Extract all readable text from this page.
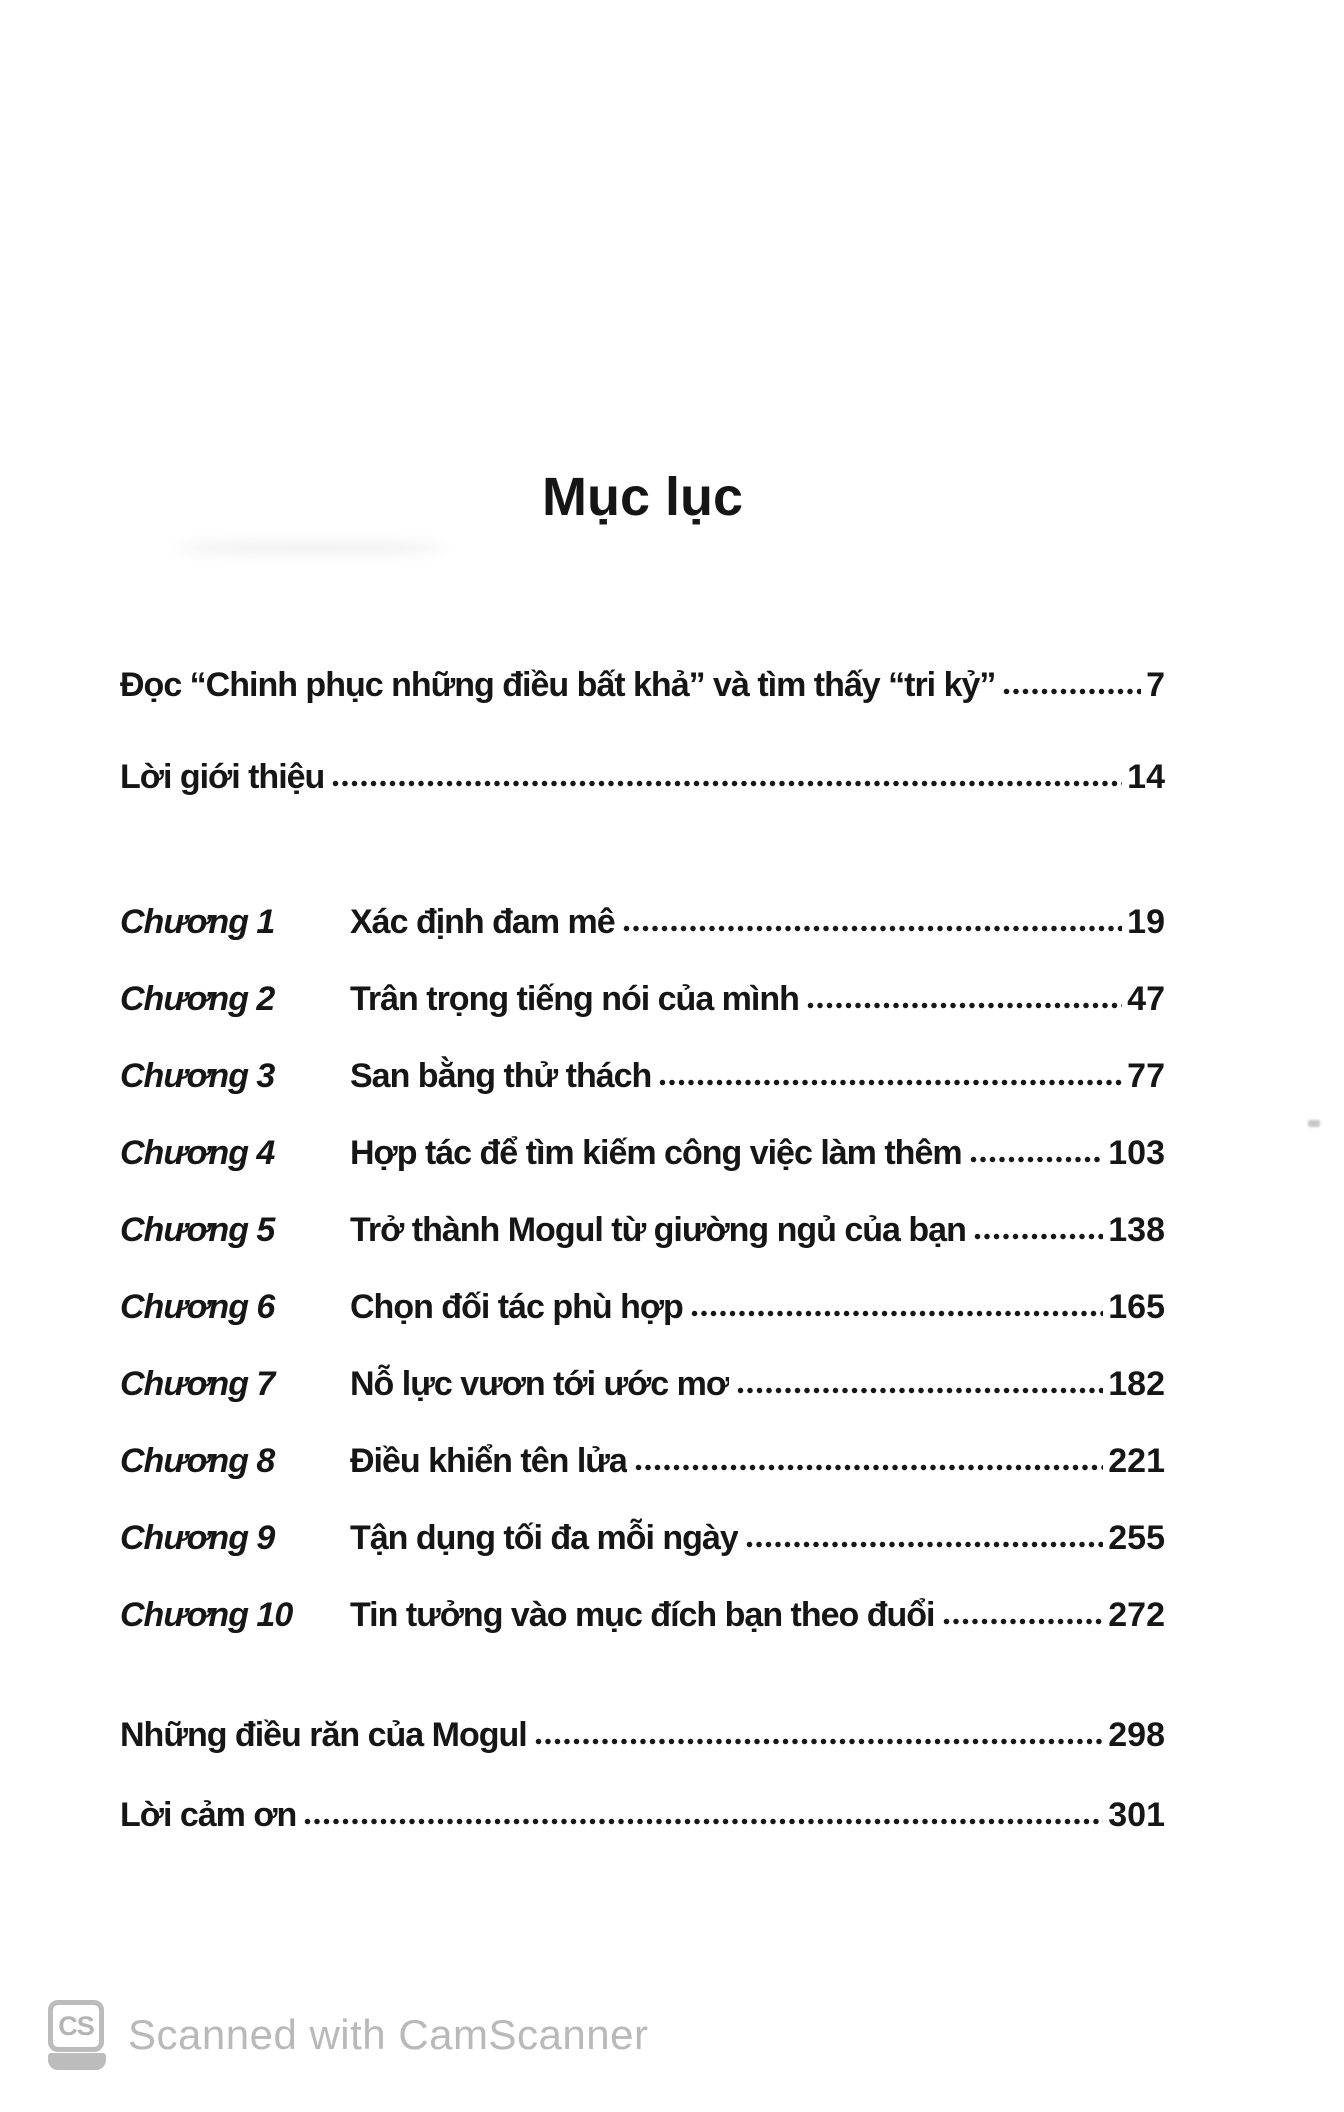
Mục lục
Đọc “Chinh phục những điều bất khả” và tìm thấy “tri kỷ”	7
Lời giới thiệu	14
Chương 1	Xác định đam mê	19
Chương 2	Trân trọng tiếng nói của mình	47
Chương 3	San bằng thử thách	77
Chương 4	Hợp tác để tìm kiếm công việc làm thêm	103
Chương 5	Trở thành Mogul từ giường ngủ của bạn	138
Chương 6	Chọn đối tác phù hợp	165
Chương 7	Nỗ lực vươn tới ước mơ	182
Chương 8	Điều khiển tên lửa	221
Chương 9	Tận dụng tối đa mỗi ngày	255
Chương 10	Tin tưởng vào mục đích bạn theo đuổi	272
Những điều răn của Mogul	298
Lời cảm ơn	301
CS Scanned with CamScanner
